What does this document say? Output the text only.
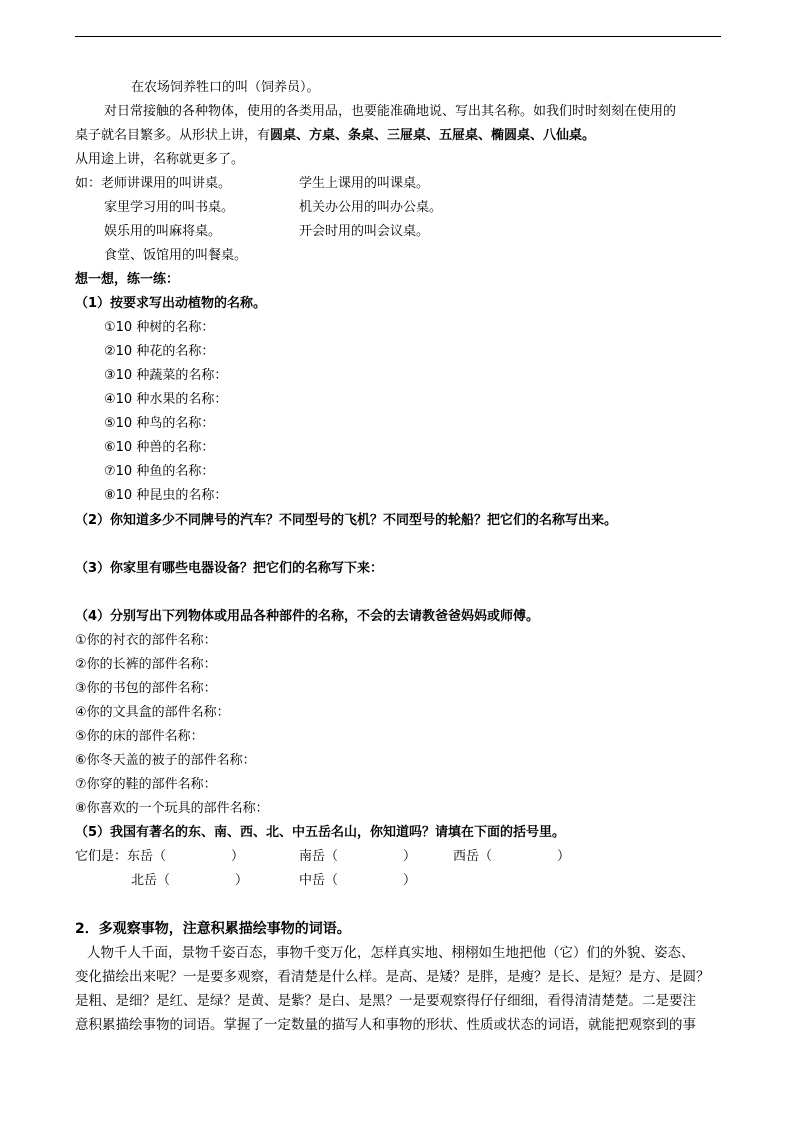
在农场饲养牲口的叫（饲养员）。
对日常接触的各种物体，使用的各类用品，也要能准确地说、写出其名称。如我们时时刻刻在使用的
桌子就名目繁多。从形状上讲，有圆桌、方桌、条桌、三屉桌、五屉桌、椭圆桌、八仙桌。
从用途上讲，名称就更多了。
如：老师讲课用的叫讲桌。	学生上课用的叫课桌。
家里学习用的叫书桌。	机关办公用的叫办公桌。
娱乐用的叫麻将桌。	开会时用的叫会议桌。
食堂、饭馆用的叫餐桌。
想一想，练一练：
（1）按要求写出动植物的名称。
①10 种树的名称：
②10 种花的名称：
③10 种蔬菜的名称：
④10 种水果的名称：
⑤10 种鸟的名称：
⑥10 种兽的名称：
⑦10 种鱼的名称：
⑧10 种昆虫的名称：
（2）你知道多少不同牌号的汽车？不同型号的飞机？不同型号的轮船？把它们的名称写出来。
（3）你家里有哪些电器设备？把它们的名称写下来：
（4）分别写出下列物体或用品各种部件的名称，不会的去请教爸爸妈妈或师傅。
①你的衬衣的部件名称：
②你的长裤的部件名称：
③你的书包的部件名称：
④你的文具盒的部件名称：
⑤你的床的部件名称：
⑥你冬天盖的被子的部件名称：
⑦你穿的鞋的部件名称：
⑧你喜欢的一个玩具的部件名称：
（5）我国有著名的东、南、西、北、中五岳名山，你知道吗？请填在下面的括号里。
它们是：东岳（　　　　　）	南岳（　　　　　）	西岳（　　　　　）
北岳（　　　　　）	中岳（　　　　　）
2．多观察事物，注意积累描绘事物的词语。
人物千人千面，景物千姿百态，事物千变万化，怎样真实地、栩栩如生地把他（它）们的外貌、姿态、
变化描绘出来呢？一是要多观察，看清楚是什么样。是高、是矮？是胖，是瘦？是长、是短？是方、是圆？
是粗、是细？是红、是绿？是黄、是紫？是白、是黑？一是要观察得仔仔细细，看得清清楚楚。二是要注
意积累描绘事物的词语。掌握了一定数量的描写人和事物的形状、性质或状态的词语，就能把观察到的事
